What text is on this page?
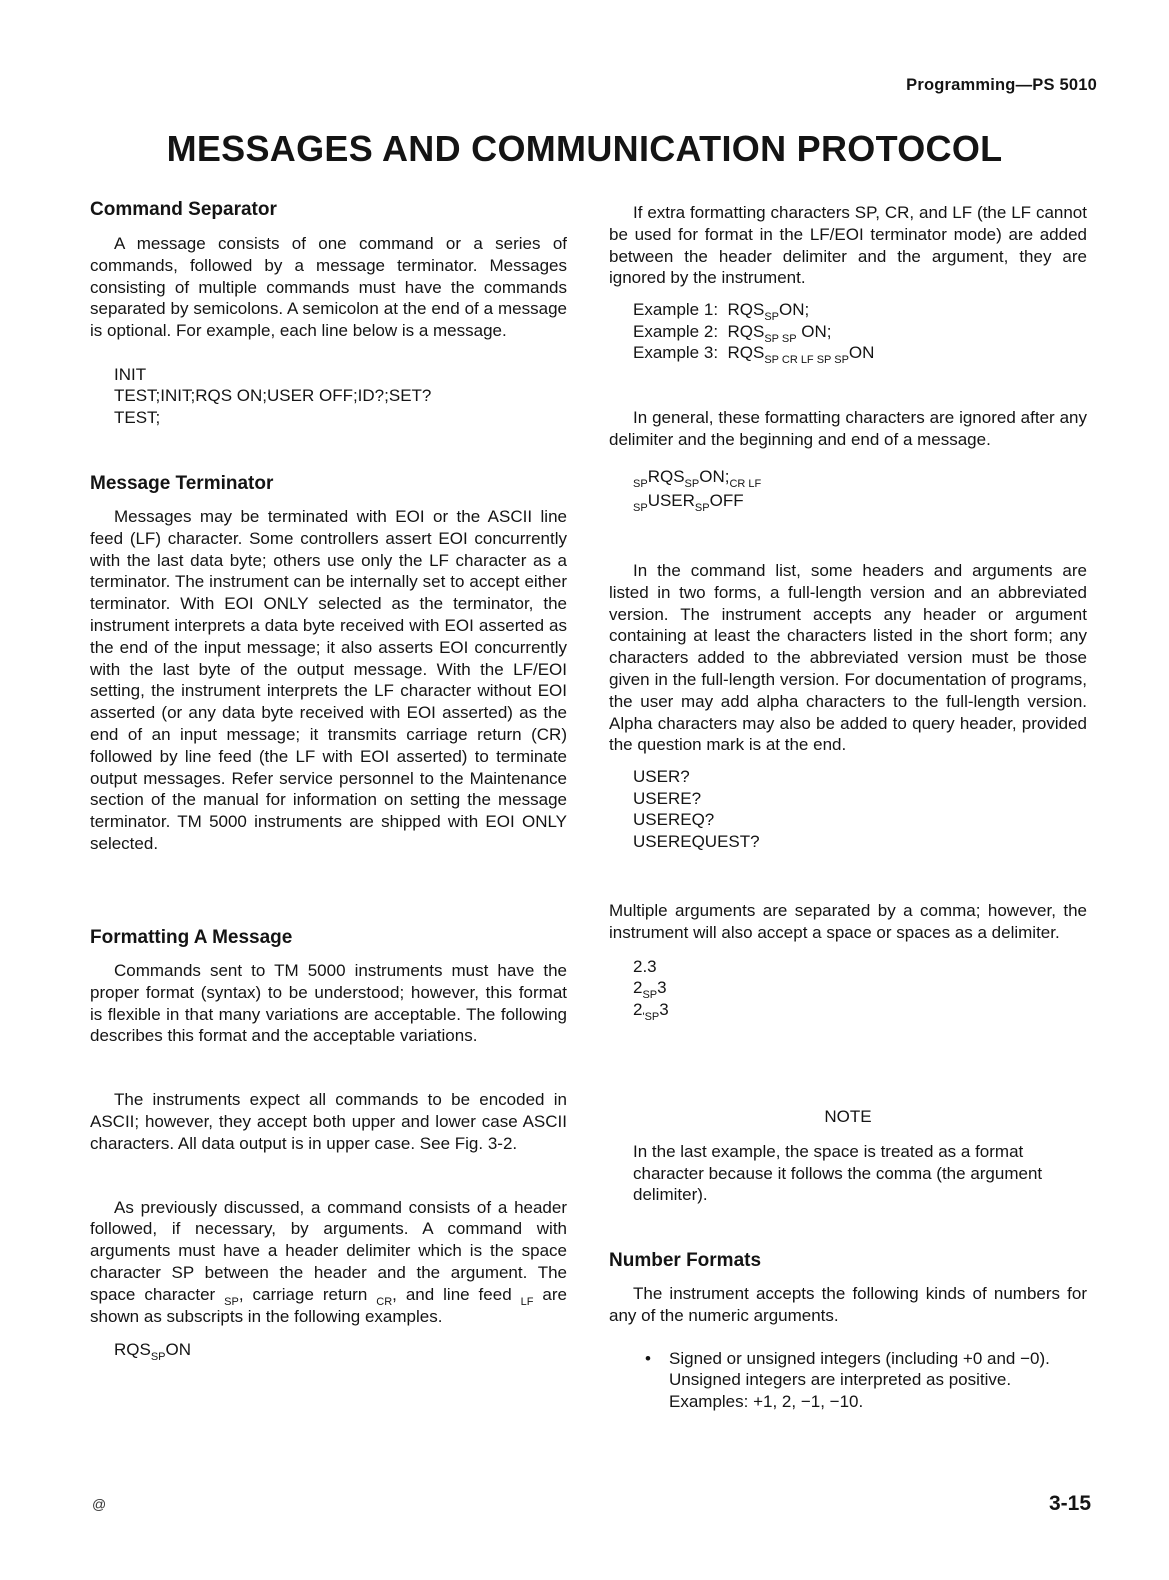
Programming—PS 5010
MESSAGES AND COMMUNICATION PROTOCOL
Command Separator

A message consists of one command or a series of commands, followed by a message terminator. Messages consisting of multiple commands must have the commands separated by semicolons. A semicolon at the end of a message is optional. For example, each line below is a message.

INIT
TEST;INIT;RQS ON;USER OFF;ID?;SET?
TEST;
Message Terminator

Messages may be terminated with EOI or the ASCII line feed (LF) character. Some controllers assert EOI concurrently with the last data byte; others use only the LF character as a terminator. The instrument can be internally set to accept either terminator. With EOI ONLY selected as the terminator, the instrument interprets a data byte received with EOI asserted as the end of the input message; it also asserts EOI concurrently with the last byte of the output message. With the LF/EOI setting, the instrument interprets the LF character without EOI asserted (or any data byte received with EOI asserted) as the end of an input message; it transmits carriage return (CR) followed by line feed (the LF with EOI asserted) to terminate output messages. Refer service personnel to the Maintenance section of the manual for information on setting the message terminator. TM 5000 instruments are shipped with EOI ONLY selected.

Formatting A Message

Commands sent to TM 5000 instruments must have the proper format (syntax) to be understood; however, this format is flexible in that many variations are acceptable. The following describes this format and the acceptable variations.

The instruments expect all commands to be encoded in ASCII; however, they accept both upper and lower case ASCII characters. All data output is in upper case. See Fig. 3-2.

As previously discussed, a command consists of a header followed, if necessary, by arguments. A command with arguments must have a header delimiter which is the space character SP between the header and the argument. The space character $_{SP}$, carriage return $_{CR}$, and line feed $_{LF}$ are shown as subscripts in the following examples.

$RQS_{SP}ON$

If extra formatting characters SP, CR, and LF (the LF cannot be used for format in the LF/EOI terminator mode) are added between the header delimiter and the argument, they are ignored by the instrument.

Example 1: $RQS_{SP}ON$;
Example 2: $RQS_{SP SP}$ ON;
Example 3: $RQS_{SP CR LF SP SP}ON$

In general, these formatting characters are ignored after any delimiter and the beginning and end of a message.

$_{SP}RQS_{SP}ON;_{CR LF}$
$_{SP}USER_{SP}OFF$

In the command list, some headers and arguments are listed in two forms, a full-length version and an abbreviated version. The instrument accepts any header or argument containing at least the characters listed in the short form; any characters added to the abbreviated version must be those given in the full-length version. For documentation of programs, the user may add alpha characters to the full-length version. Alpha characters may also be added to query header, provided the question mark is at the end.

USER?
USERE?
USEREQ?
USEREQUEST?

Multiple arguments are separated by a comma; however, the instrument will also accept a space or spaces as a delimiter.

2.3
$2_{SP}3$
$2_{'SP}3$
NOTE

In the last example, the space is treated as a format character because it follows the comma (the argument delimiter).

Number Formats

The instrument accepts the following kinds of numbers for any of the numeric arguments.

•	Signed or unsigned integers (including +0 and −0). Unsigned integers are interpreted as positive. Examples: +1, 2, −1, −10.
@	3-15
